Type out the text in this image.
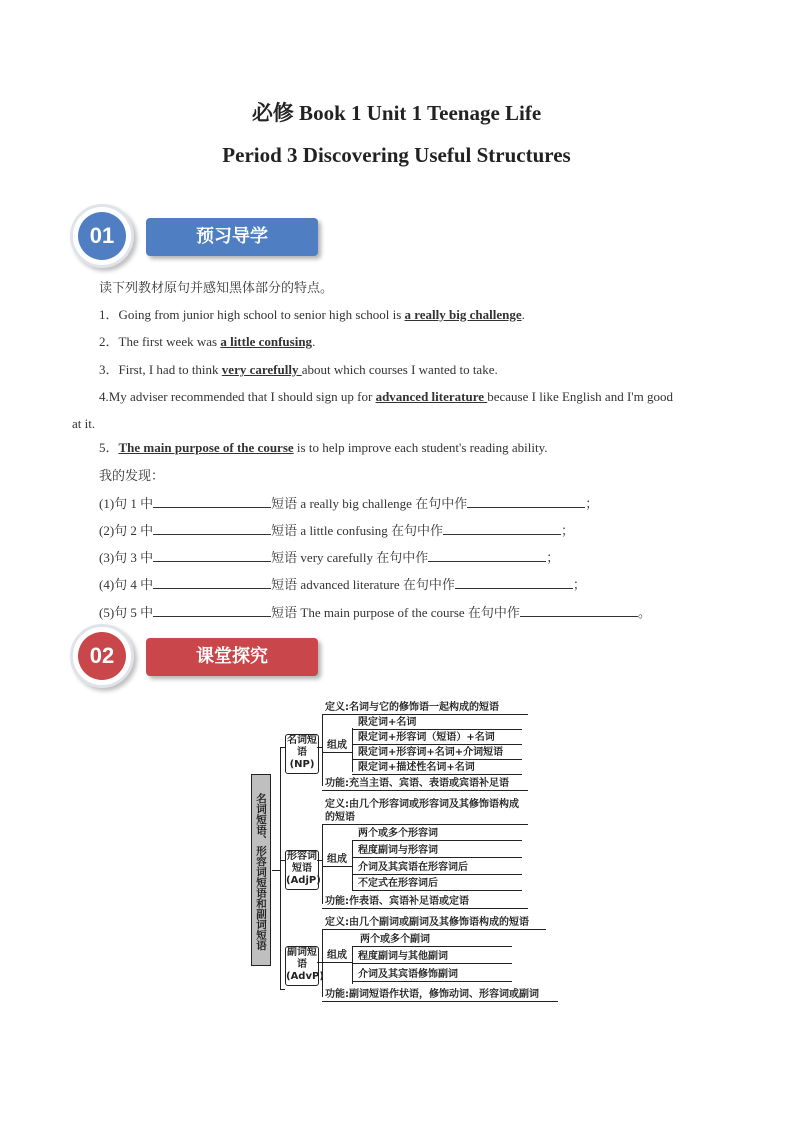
必修 Book 1 Unit 1 Teenage Life
Period 3 Discovering Useful Structures
01	预习导学
读下列教材原句并感知黑体部分的特点。
1．Going from junior high school to senior high school is a really big challenge.
2．The first week was a little confusing.
3．First, I had to think very carefully about which courses I wanted to take.
4.My adviser recommended that I should sign up for advanced literature because I like English and I'm good
at it.
5．The main purpose of the course is to help improve each student's reading ability.
我的发现：
(1)句 1 中	短语 a really big challenge 在句中作	；
(2)句 2 中	短语 a little confusing 在句中作	；
(3)句 3 中	短语 very carefully 在句中作	；
(4)句 4 中	短语 advanced literature 在句中作	；
(5)句 5 中	短语 The main purpose of the course 在句中作	。
02	课堂探究
名词短语、形容词短语和副词短语
名词短语(NP)
定义:名词与它的修饰语一起构成的短语
组成
限定词+名词
限定词+形容词（短语）+名词
限定词+形容词+名词+介词短语
限定词+描述性名词+名词
功能:充当主语、宾语、表语或宾语补足语
形容词短语(AdjP)
定义:由几个形容词或形容词及其修饰语构成
的短语
组成
两个或多个形容词
程度副词与形容词
介词及其宾语在形容词后
不定式在形容词后
功能:作表语、宾语补足语或定语
副词短语(AdvP)
定义:由几个副词或副词及其修饰语构成的短语
组成
两个或多个副词
程度副词与其他副词
介词及其宾语修饰副词
功能:副词短语作状语，修饰动词、形容词或副词
